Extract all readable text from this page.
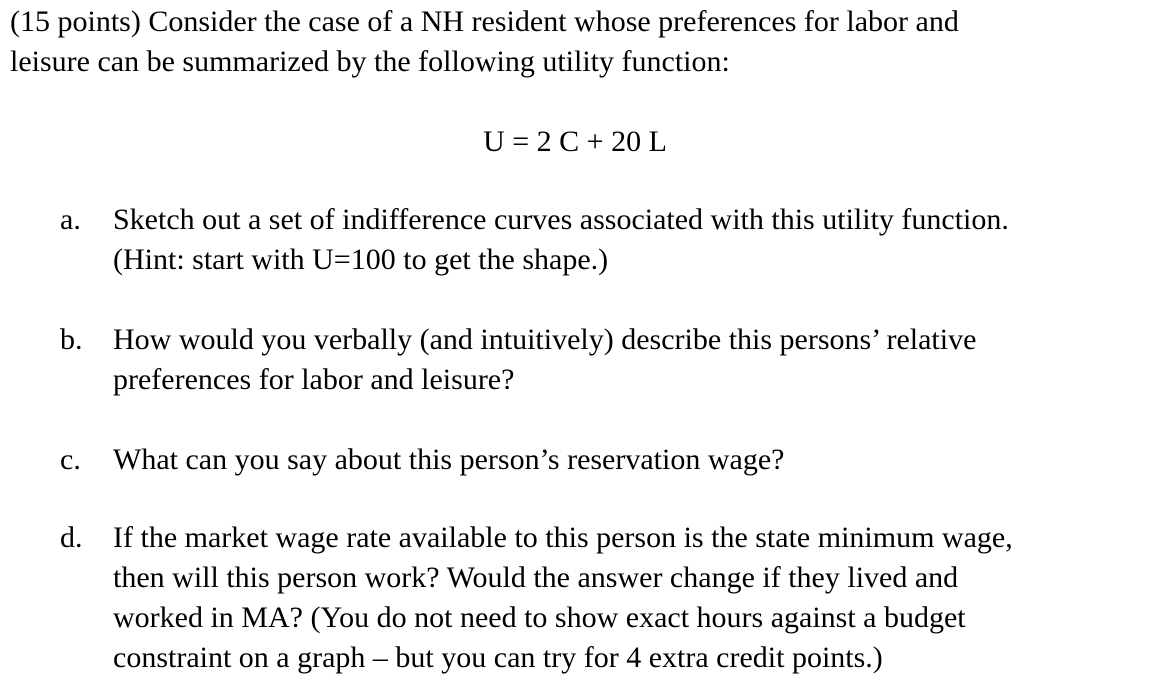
(15 points) Consider the case of a NH resident whose preferences for labor and
leisure can be summarized by the following utility function:
U = 2 C + 20 L
a. Sketch out a set of indifference curves associated with this utility function.
(Hint: start with U=100 to get the shape.)
b. How would you verbally (and intuitively) describe this persons’ relative
preferences for labor and leisure?
c. What can you say about this person’s reservation wage?
d. If the market wage rate available to this person is the state minimum wage,
then will this person work? Would the answer change if they lived and
worked in MA? (You do not need to show exact hours against a budget
constraint on a graph – but you can try for 4 extra credit points.)
